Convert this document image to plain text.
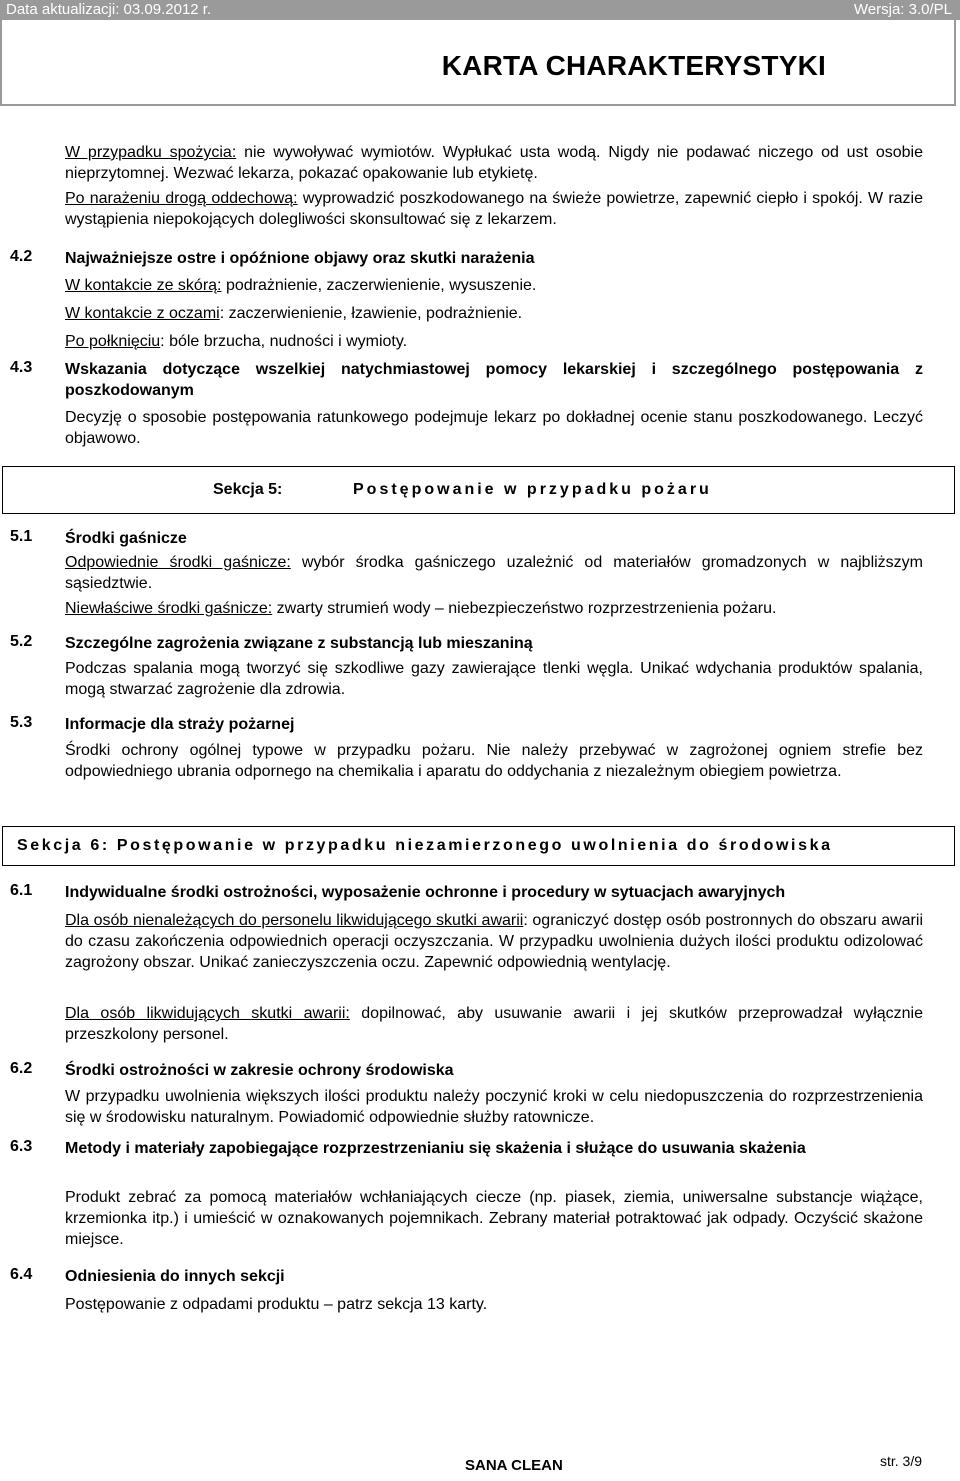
Data aktualizacji: 03.09.2012 r.	Wersja: 3.0/PL
KARTA CHARAKTERYSTYKI
W przypadku spożycia: nie wywoływać wymiotów. Wypłukać usta wodą. Nigdy nie podawać niczego od ust osobie nieprzytomnej. Wezwać lekarza, pokazać opakowanie lub etykietę.
Po narażeniu drogą oddechową: wyprowadzić poszkodowanego na świeże powietrze, zapewnić ciepło i spokój. W razie wystąpienia niepokojących dolegliwości skonsultować się z lekarzem.
4.2 Najważniejsze ostre i opóźnione objawy oraz skutki narażenia
W kontakcie ze skórą: podrażnienie, zaczerwienienie, wysuszenie.
W kontakcie z oczami: zaczerwienienie, łzawienie, podrażnienie.
Po połknięciu: bóle brzucha, nudności i wymioty.
4.3 Wskazania dotyczące wszelkiej natychmiastowej pomocy lekarskiej i szczególnego postępowania z poszkodowanym
Decyzję o sposobie postępowania ratunkowego podejmuje lekarz po dokładnej ocenie stanu poszkodowanego. Leczyć objawowo.
Sekcja 5:	Postępowanie w przypadku pożaru
5.1 Środki gaśnicze
Odpowiednie środki gaśnicze: wybór środka gaśniczego uzależnić od materiałów gromadzonych w najbliższym sąsiedztwie.
Niewłaściwe środki gaśnicze: zwarty strumień wody – niebezpieczeństwo rozprzestrzenienia pożaru.
5.2 Szczególne zagrożenia związane z substancją lub mieszaniną
Podczas spalania mogą tworzyć się szkodliwe gazy zawierające tlenki węgla. Unikać wdychania produktów spalania, mogą stwarzać zagrożenie dla zdrowia.
5.3 Informacje dla straży pożarnej
Środki ochrony ogólnej typowe w przypadku pożaru. Nie należy przebywać w zagrożonej ogniem strefie bez odpowiedniego ubrania odpornego na chemikalia i aparatu do oddychania z niezależnym obiegiem powietrza.
Sekcja 6: Postępowanie w przypadku niezamierzonego uwolnienia do środowiska
6.1 Indywidualne środki ostrożności, wyposażenie ochronne i procedury w sytuacjach awaryjnych
Dla osób nienależących do personelu likwidującego skutki awarii: ograniczyć dostęp osób postronnych do obszaru awarii do czasu zakończenia odpowiednich operacji oczyszczania. W przypadku uwolnienia dużych ilości produktu odizolować zagrożony obszar. Unikać zanieczyszczenia oczu. Zapewnić odpowiednią wentylację.
Dla osób likwidujących skutki awarii: dopilnować, aby usuwanie awarii i jej skutków przeprowadzał wyłącznie przeszkolony personel.
6.2 Środki ostrożności w zakresie ochrony środowiska
W przypadku uwolnienia większych ilości produktu należy poczynić kroki w celu niedopuszczenia do rozprzestrzenienia się w środowisku naturalnym. Powiadomić odpowiednie służby ratownicze.
6.3 Metody i materiały zapobiegające rozprzestrzenianiu się skażenia i służące do usuwania skażenia
Produkt zebrać za pomocą materiałów wchłaniających ciecze (np. piasek, ziemia, uniwersalne substancje wiążące, krzemionka itp.) i umieścić w oznakowanych pojemnikach. Zebrany materiał potraktować jak odpady. Oczyścić skażone miejsce.
6.4 Odniesienia do innych sekcji
Postępowanie z odpadami produktu – patrz sekcja 13 karty.
SANA CLEAN	str. 3/9
